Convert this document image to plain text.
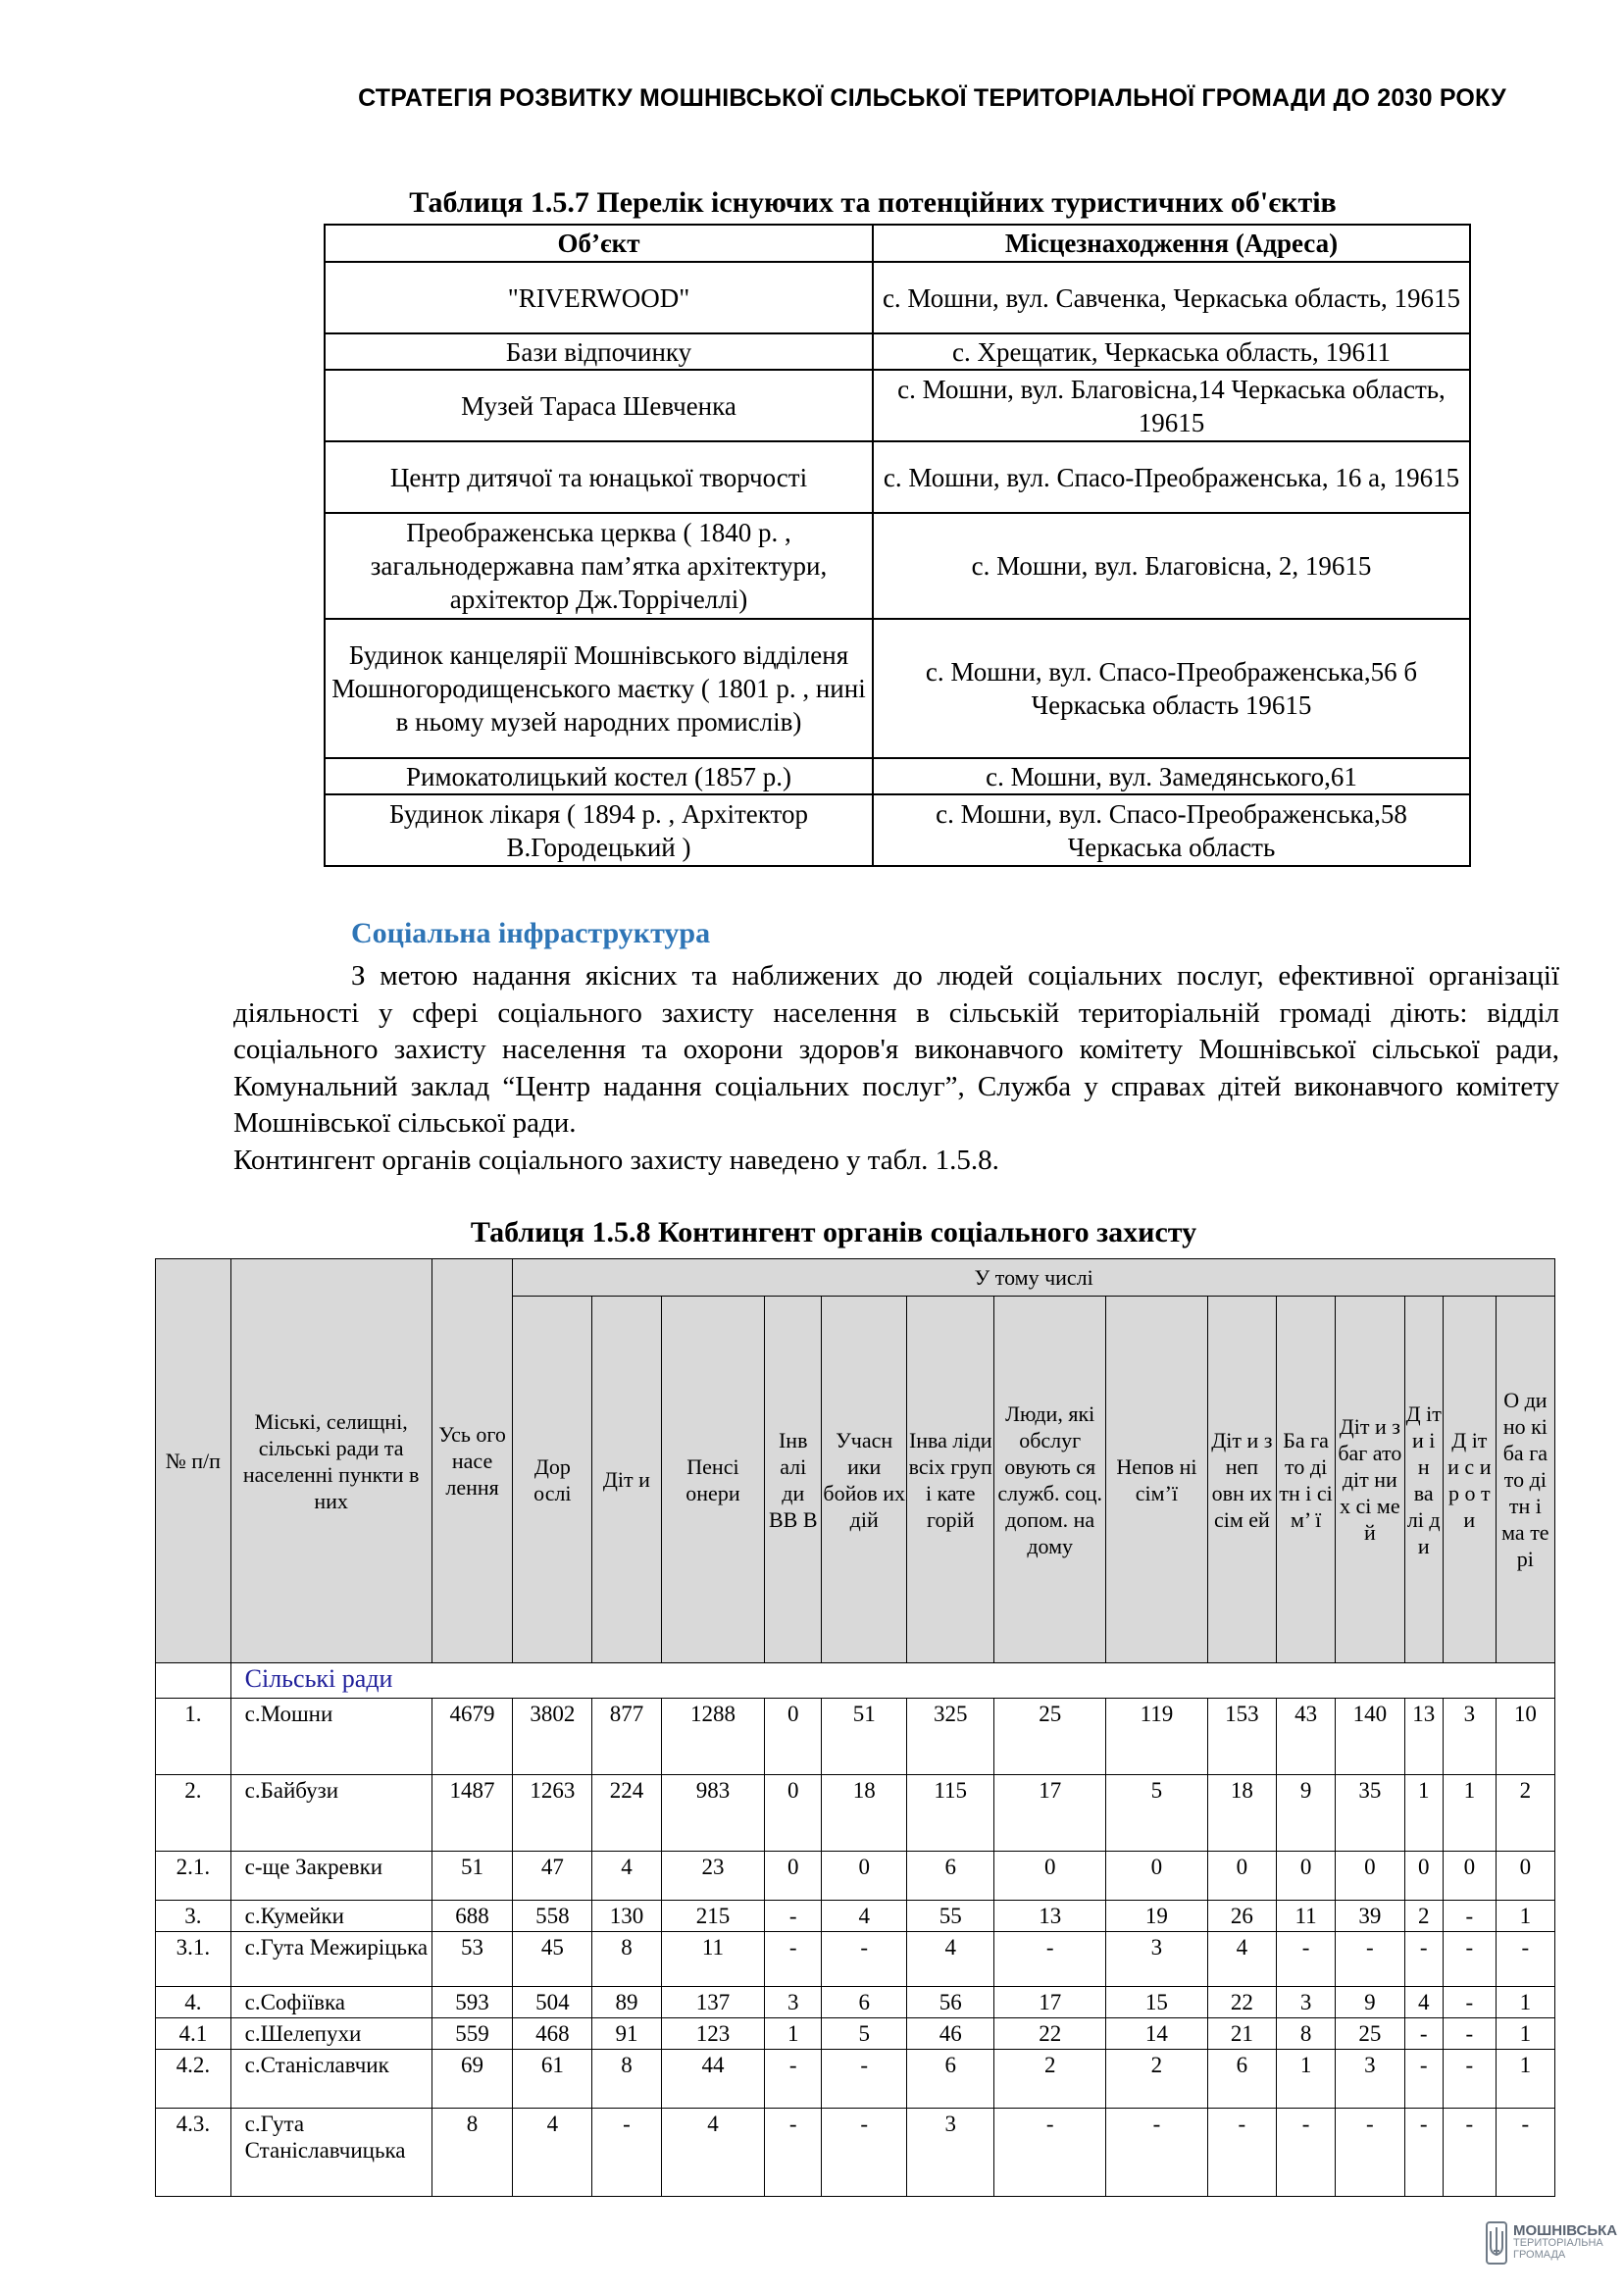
СТРАТЕГІЯ РОЗВИТКУ МОШНІВСЬКОЇ СІЛЬСЬКОЇ ТЕРИТОРІАЛЬНОЇ ГРОМАДИ ДО 2030 РОКУ
Таблиця 1.5.7 Перелік існуючих та потенційних туристичних об'єктів
Об’єкт	Місцезнаходження (Адреса)
"RIVERWOOD"	с. Мошни, вул. Савченка, Черкаська область, 19615
Бази відпочинку	с. Хрещатик, Черкаська область, 19611
Музей Тараса Шевченка	с. Мошни, вул. Благовісна,14 Черкаська область, 19615
Центр дитячої та юнацької творчості	с. Мошни, вул. Спасо-Преображенська, 16 а, 19615
Преображенська церква ( 1840 р. , загальнодержавна пам’ятка архітектури, архітектор Дж.Торрічеллі)	с. Мошни, вул. Благовісна, 2, 19615
Будинок канцелярії Мошнівського відділеня Мошногородищенського маєтку ( 1801 р. , нині в ньому музей народних промислів)	с. Мошни, вул. Спасо-Преображенська,56 б Черкаська область 19615
Римокатолицький костел (1857 р.)	с. Мошни, вул. Замедянського,61
Будинок лікаря ( 1894 р. , Архітектор В.Городецький )	с. Мошни, вул. Спасо-Преображенська,58 Черкаська область
Соціальна інфраструктура

З метою надання якісних та наближених до людей соціальних послуг, ефективної організації діяльності у сфері соціального захисту населення в сільській територіальній громаді діють: відділ соціального захисту населення та охорони здоров'я виконавчого комітету Мошнівської сільської ради, Комунальний заклад “Центр надання соціальних послуг”, Служба у справах дітей виконавчого комітету Мошнівської сільської ради.

Контингент органів соціального захисту наведено у табл. 1.5.8.

Таблиця 1.5.8 Контингент органів соціального захисту
№ п/п	Міські, селищні, сільські ради та населенні пункти в них	Усь ого насе лення	У тому числі													
			Дор ослі	Діт и	Пенсі онери	Інв алі ди ВВ В	Учасн ики бойов их дій	Інва ліди всіх груп і кате горій	Люди, які обслуг овують ся служб. соц. допом. на дому	Непов ні сім’ї	Діт и з неп овн их сім ей	Ба га то ді тн і сі м’ ї	Діт и з баг ато діт ни х сі ме й	Д іт и і н ва лі д и	Д іт и с и р о т и	О ди но кі ба га то ді тн і ма те рі
	Сільські ради															
1.	с.Мошни	4679	3802	877	1288	0	51	325	25	119	153	43	140	13	3	10
2.	с.Байбузи	1487	1263	224	983	0	18	115	17	5	18	9	35	1	1	2
2.1.	с-ще Закревки	51	47	4	23	0	0	6	0	0	0	0	0	0	0	0
3.	с.Кумейки	688	558	130	215	-	4	55	13	19	26	11	39	2	-	1
3.1.	с.Гута Межиріцька	53	45	8	11	-	-	4	-	3	4	-	-	-	-	-
4.	с.Софіївка	593	504	89	137	3	6	56	17	15	22	3	9	4	-	1
4.1	с.Шелепухи	559	468	91	123	1	5	46	22	14	21	8	25	-	-	1
4.2.	с.Станіславчик	69	61	8	44	-	-	6	2	2	6	1	3	-	-	1
4.3.	с.Гута Станіславчицька	8	4	-	4	-	-	3	-	-	-	-	-	-	-	-
МОШНІВСЬКА
ТЕРИТОРІАЛЬНА
ГРОМАДА
